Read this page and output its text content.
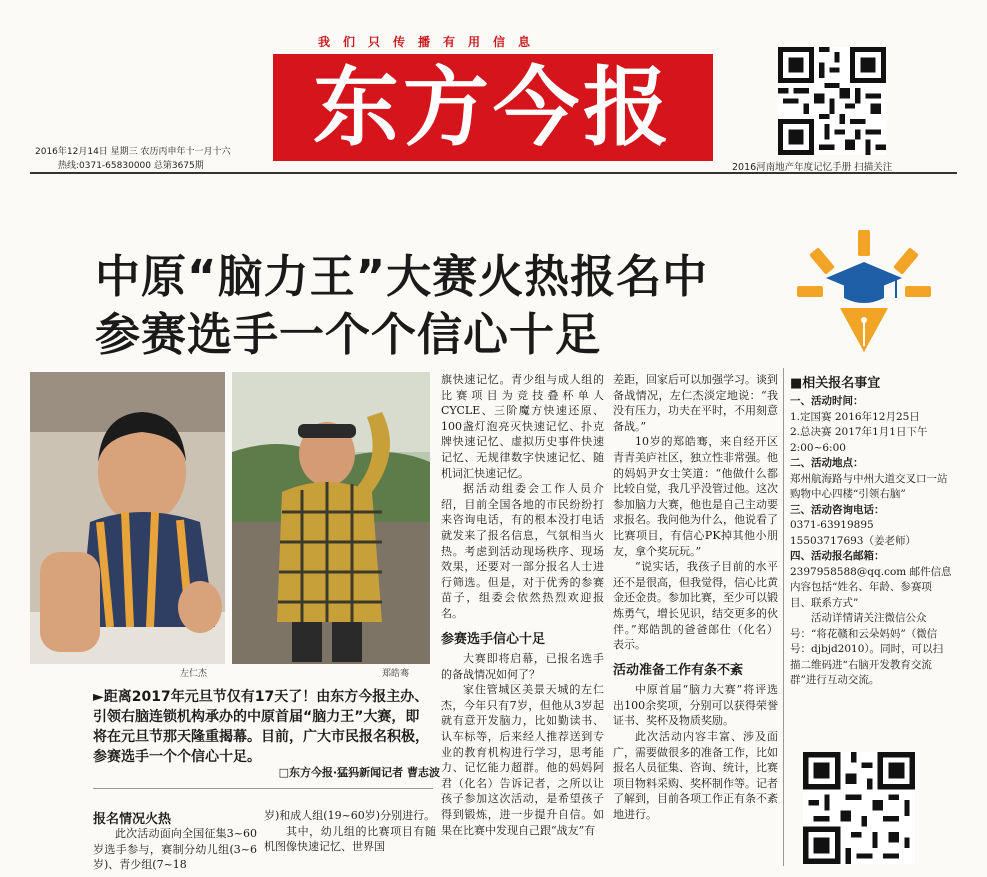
我们只传播有用信息
东方今报
2016年12月14日 星期三 农历丙申年十一月十六
热线:0371-65830000 总第3675期	2016河南地产年度记忆手册 扫描关注
中原“脑力王”大赛火热报名中
参赛选手一个个信心十足
左仁杰	郑皓骞
►距离2017年元旦节仅有17天了！由东方今报主办、引领右脑连锁机构承办的中原首届“脑力王”大赛，即将在元旦节那天隆重揭幕。目前，广大市民报名积极，参赛选手一个个信心十足。
□东方今报·猛犸新闻记者 曹志波
报名情况火热

此次活动面向全国征集3~60岁选手参与，赛制分幼儿组(3~6岁)、青少组(7~18

岁)和成人组(19~60岁)分别进行。

其中，幼儿组的比赛项目有随机图像快速记忆、世界国

旗快速记忆。青少组与成人组的比赛项目为竞技叠杯单人CYCLE、三阶魔方快速还原、100盏灯泡亮灭快速记忆、扑克牌快速记忆、虚拟历史事件快速记忆、无规律数字快速记忆、随机词汇快速记忆。

据活动组委会工作人员介绍，目前全国各地的市民纷纷打来咨询电话，有的根本没打电话就发来了报名信息，气氛相当火热。考虑到活动现场秩序、现场效果，还要对一部分报名人士进行筛选。但是，对于优秀的参赛苗子，组委会依然热烈欢迎报名。

参赛选手信心十足

大赛即将启幕，已报名选手的备战情况如何了？

家住管城区美景天城的左仁杰，今年只有7岁，但他从3岁起就有意开发脑力，比如勤读书、认车标等，后来经人推荐送到专业的教育机构进行学习，思考能力、记忆能力超群。他的妈妈阿君（化名）告诉记者，之所以让孩子参加这次活动，是希望孩子得到锻炼，进一步提升自信。如果在比赛中发现自己跟“战友”有

差距，回家后可以加强学习。谈到备战情况，左仁杰淡定地说：“我没有压力，功夫在平时，不用刻意备战。”

10岁的郑皓骞，来自经开区青青美庐社区，独立性非常强。他的妈妈尹女士笑道：“他做什么都比较自觉，我几乎没管过他。这次参加脑力大赛，他也是自己主动要求报名。我问他为什么，他说看了比赛项目，有信心PK掉其他小朋友，拿个奖玩玩。”

“说实话，我孩子目前的水平还不是很高，但我觉得，信心比黄金还金贵。参加比赛，至少可以锻炼勇气，增长见识，结交更多的伙伴。”郑皓凯的爸爸郎仕（化名）表示。

活动准备工作有条不紊

中原首届“脑力大赛”将评选出100余奖项，分别可以获得荣誉证书、奖杯及物质奖励。

此次活动内容丰富、涉及面广，需要做很多的准备工作，比如报名人员征集、咨询、统计，比赛项目物料采购、奖杯制作等。记者了解到，目前各项工作正有条不紊地进行。

■相关报名事宜

一、活动时间：

1.定国赛 2016年12月25日

2.总决赛 2017年1月1日下午2:00~6:00

二、活动地点：

郑州航海路与中州大道交叉口一站购物中心四楼“引领右脑”

三、活动咨询电话：

0371-63919895

15503717693（姜老师）

四、活动报名邮箱：

2397958588@qq.com 邮件信息内容包括“姓名、年龄、参赛项目、联系方式”

活动详情请关注微信公众号：“将花赣和云朵妈妈”（微信号：djbjd2010）。同时，可以扫描二维码进“右脑开发教育交流群”进行互动交流。
